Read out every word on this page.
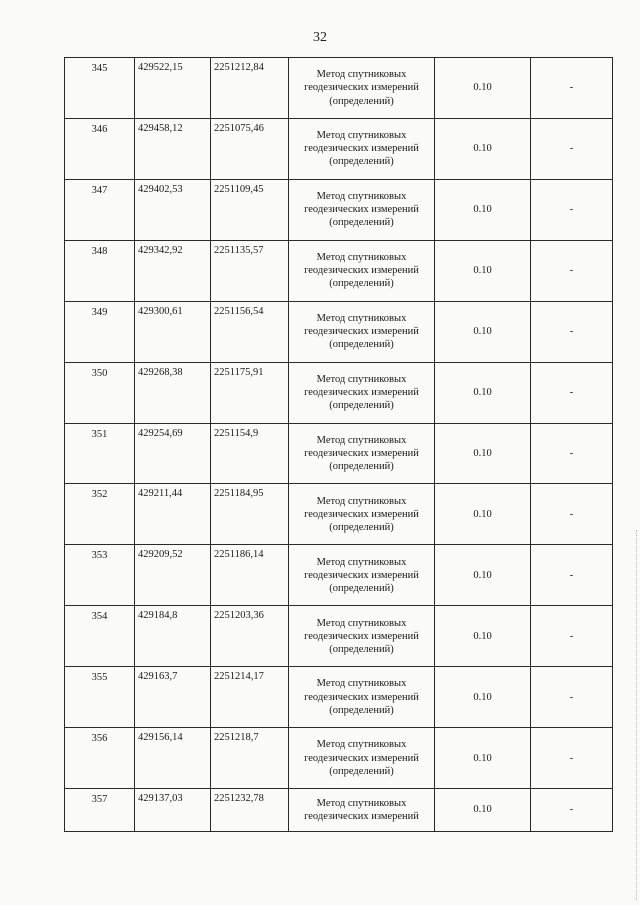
32
345	429522,15	2251212,84	Метод спутниковых
геодезических измерений
(определений)	0.10	-
346	429458,12	2251075,46	Метод спутниковых
геодезических измерений
(определений)	0.10	-
347	429402,53	2251109,45	Метод спутниковых
геодезических измерений
(определений)	0.10	-
348	429342,92	2251135,57	Метод спутниковых
геодезических измерений
(определений)	0.10	-
349	429300,61	2251156,54	Метод спутниковых
геодезических измерений
(определений)	0.10	-
350	429268,38	2251175,91	Метод спутниковых
геодезических измерений
(определений)	0.10	-
351	429254,69	2251154,9	Метод спутниковых
геодезических измерений
(определений)	0.10	-
352	429211,44	2251184,95	Метод спутниковых
геодезических измерений
(определений)	0.10	-
353	429209,52	2251186,14	Метод спутниковых
геодезических измерений
(определений)	0.10	-
354	429184,8	2251203,36	Метод спутниковых
геодезических измерений
(определений)	0.10	-
355	429163,7	2251214,17	Метод спутниковых
геодезических измерений
(определений)	0.10	-
356	429156,14	2251218,7	Метод спутниковых
геодезических измерений
(определений)	0.10	-
357	429137,03	2251232,78	Метод спутниковых
геодезических измерений	0.10	-
